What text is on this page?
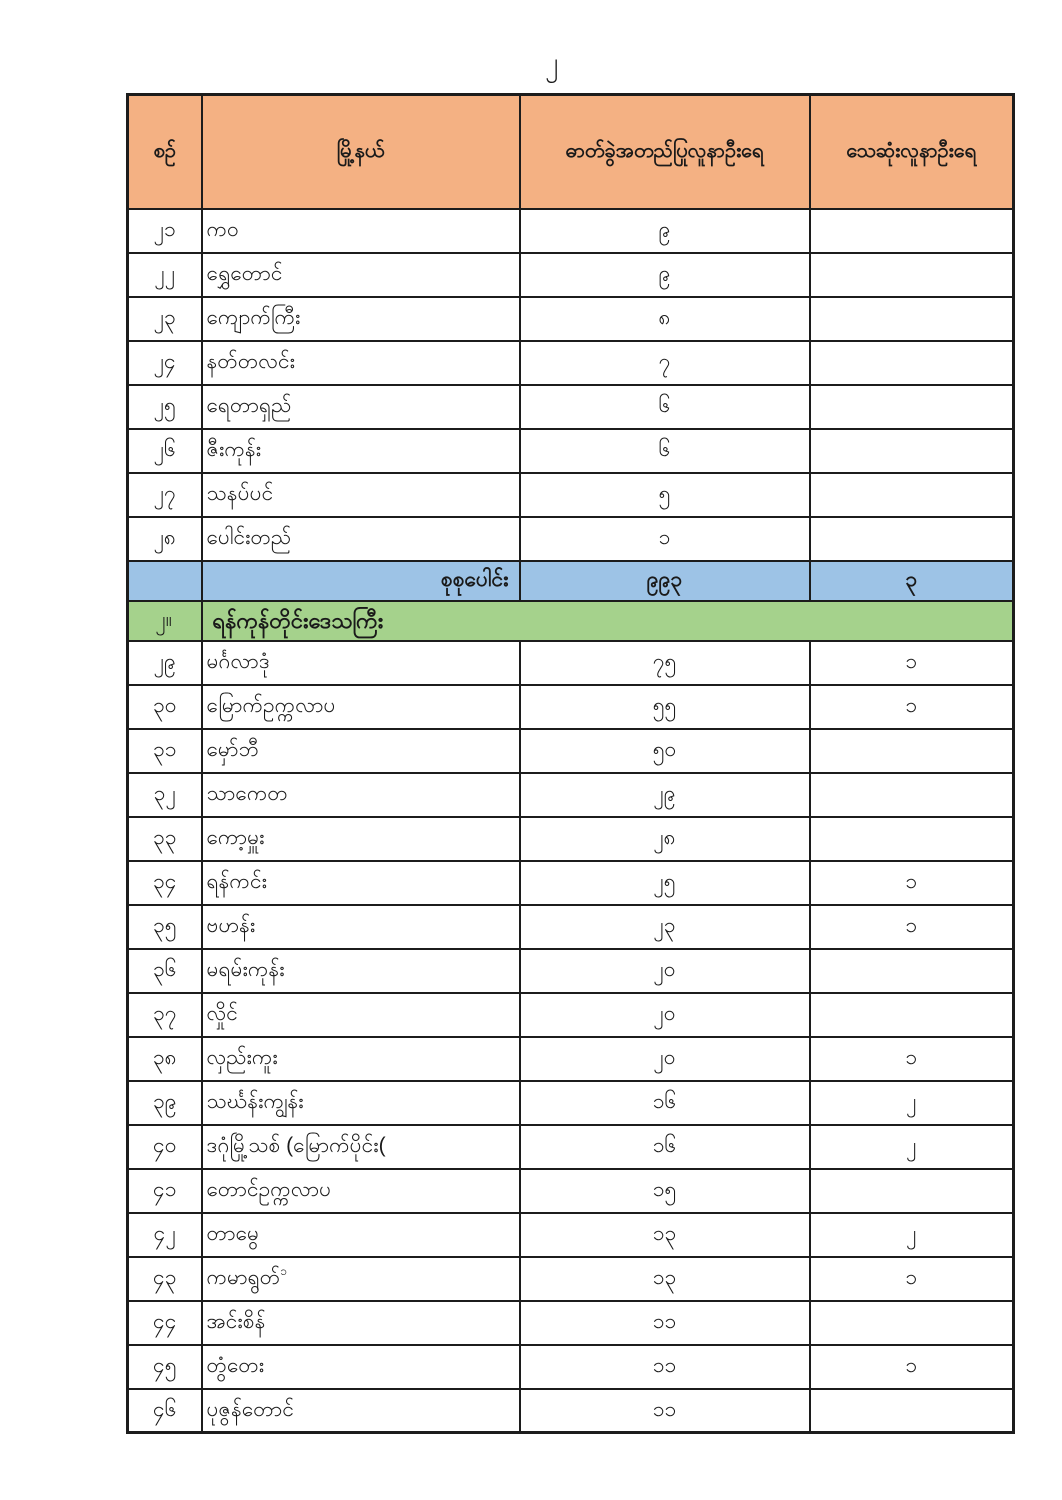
၂
စဉ်	မြို့နယ်	ဓာတ်ခွဲအတည်ပြုလူနာဦးရေ	သေဆုံးလူနာဦးရေ
၂၁	ကဝ	၉	
၂၂	ရွှေတောင်	၉	
၂၃	ကျောက်ကြီး	၈	
၂၄	နတ်တလင်း	၇	
၂၅	ရေတာရှည်	၆	
၂၆	ဇီးကုန်း	၆	
၂၇	သနပ်ပင်	၅	
၂၈	ပေါင်းတည်	၁	
	စုစုပေါင်း	၉၉၃	၃
၂။	ရန်ကုန်တိုင်းဒေသကြီး		
၂၉	မင်္ဂလာဒုံ	၇၅	၁
၃၀	မြောက်ဥက္ကလာပ	၅၅	၁
၃၁	မှော်ဘီ	၅၀	
၃၂	သာကေတ	၂၉	
၃၃	ကော့မှူး	၂၈	
၃၄	ရန်ကင်း	၂၅	၁
၃၅	ဗဟန်း	၂၃	၁
၃၆	မရမ်းကုန်း	၂၀	
၃၇	လှိုင်	၂၀	
၃၈	လှည်းကူး	၂၀	၁
၃၉	သင်္ဃန်းကျွန်း	၁၆	၂
၄၀	ဒဂုံမြို့သစ် (မြောက်ပိုင်း(	၁၆	၂
၄၁	တောင်ဥက္ကလာပ	၁၅	
၄၂	တာမွေ	၁၃	၂
၄၃	ကမာရွတ်$^၁$	၁၃	၁
၄၄	အင်းစိန်	၁၁	
၄၅	တွံတေး	၁၁	၁
၄၆	ပုဇွန်တောင်	၁၁	
